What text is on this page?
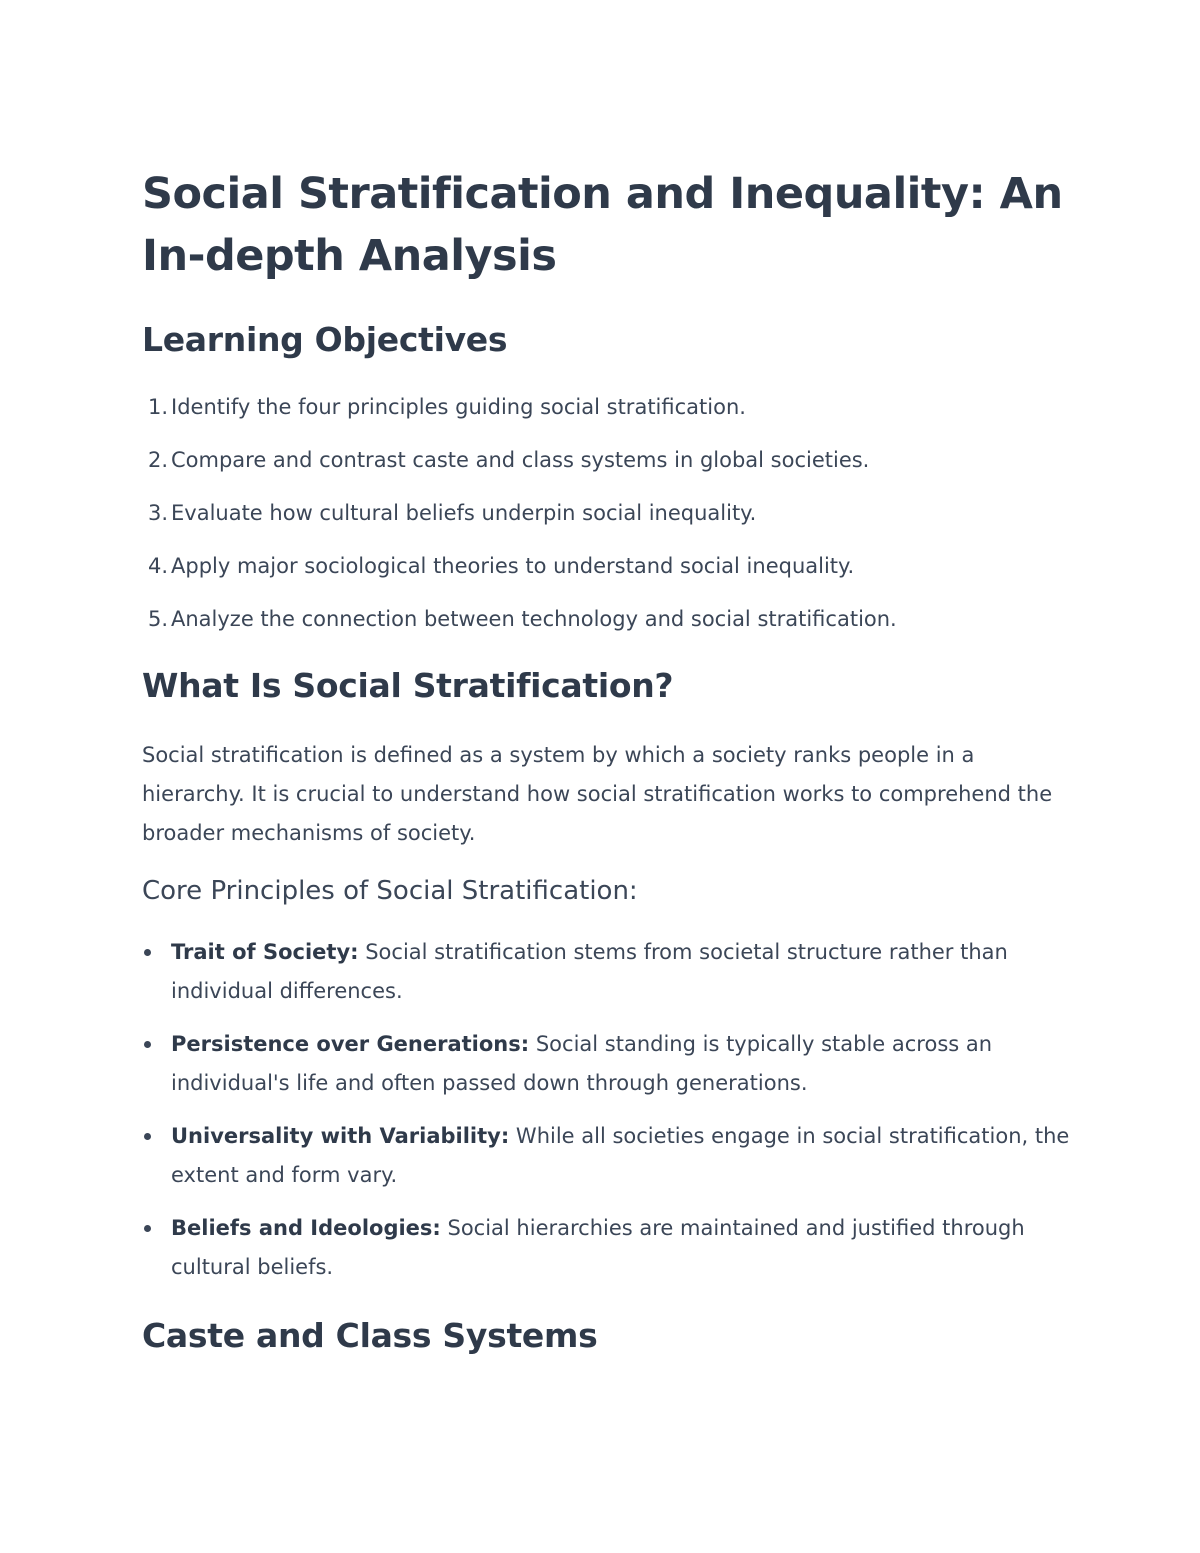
Social Stratification and Inequality: An In-depth Analysis
Learning Objectives
1. Identify the four principles guiding social stratification.
2. Compare and contrast caste and class systems in global societies.
3. Evaluate how cultural beliefs underpin social inequality.
4. Apply major sociological theories to understand social inequality.
5. Analyze the connection between technology and social stratification.
What Is Social Stratification?

Social stratification is defined as a system by which a society ranks people in a hierarchy. It is crucial to understand how social stratification works to comprehend the broader mechanisms of society.

Core Principles of Social Stratification:
Trait of Society: Social stratification stems from societal structure rather than individual differences.
Persistence over Generations: Social standing is typically stable across an individual's life and often passed down through generations.
Universality with Variability: While all societies engage in social stratification, the extent and form vary.
Beliefs and Ideologies: Social hierarchies are maintained and justified through cultural beliefs.
Caste and Class Systems
